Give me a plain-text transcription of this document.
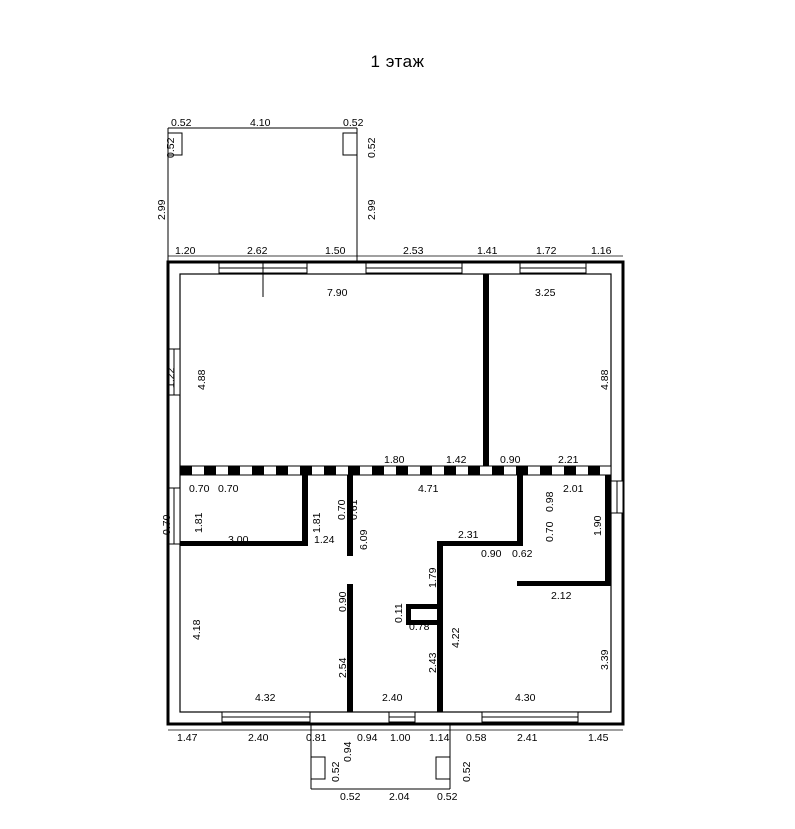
1 этаж
0.52	4.10	0.52
0.52	0.52
2.99	2.99
1.20	2.62	1.50	2.53	1.41	1.72	1.16
7.90	3.25
4.88	4.88
1.22
1.80	1.42	0.90	2.21
0.70 0.70	4.71	2.01
0.98
0.70	1.90
2.12
1.81	1.81
3.00	1.24
0.70 0.61
0.70
4.18
4.32
6.09
0.90
2.54
2.31
0.90 0.62
1.79
0.11
0.78
4.22
2.43
2.40
3.39
4.30
1.47	2.40	0.81
0.94
0.94 1.00 1.14 0.58	2.41	1.45
0.52	0.52
0.52	2.04	0.52
